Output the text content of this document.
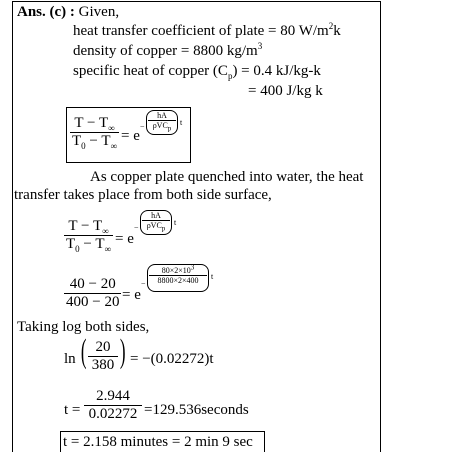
Ans. (c) : Given,
heat transfer coefficient of plate = 80 $W/m^2k$
density of copper = 8800 $kg/m^3$
specific heat of copper $(C_p) = 0.4$ kJ/kg-k
= 400 J/kg k
$\frac{T - T_\infty}{T_0 - T_\infty} = e$
−
hA
ρVC$_p$
t
As copper plate quenched into water, the heat
transfer takes place from both side surface,
$\frac{T - T_\infty}{T_0 - T_\infty} = e$
−
hA
ρVC$_p$
t
$\frac{40 - 20}{400 - 20} = e$
− $\frac{80\times 2\times 10^3}{8800\times 2\times 400}$ t
Taking log both sides,
ln ( $\frac{20}{380}$ ) = −(0.02272)t
$t = \frac{2.944}{0.02272}$ =129.536seconds
t = 2.158 minutes = 2 min 9 sec
